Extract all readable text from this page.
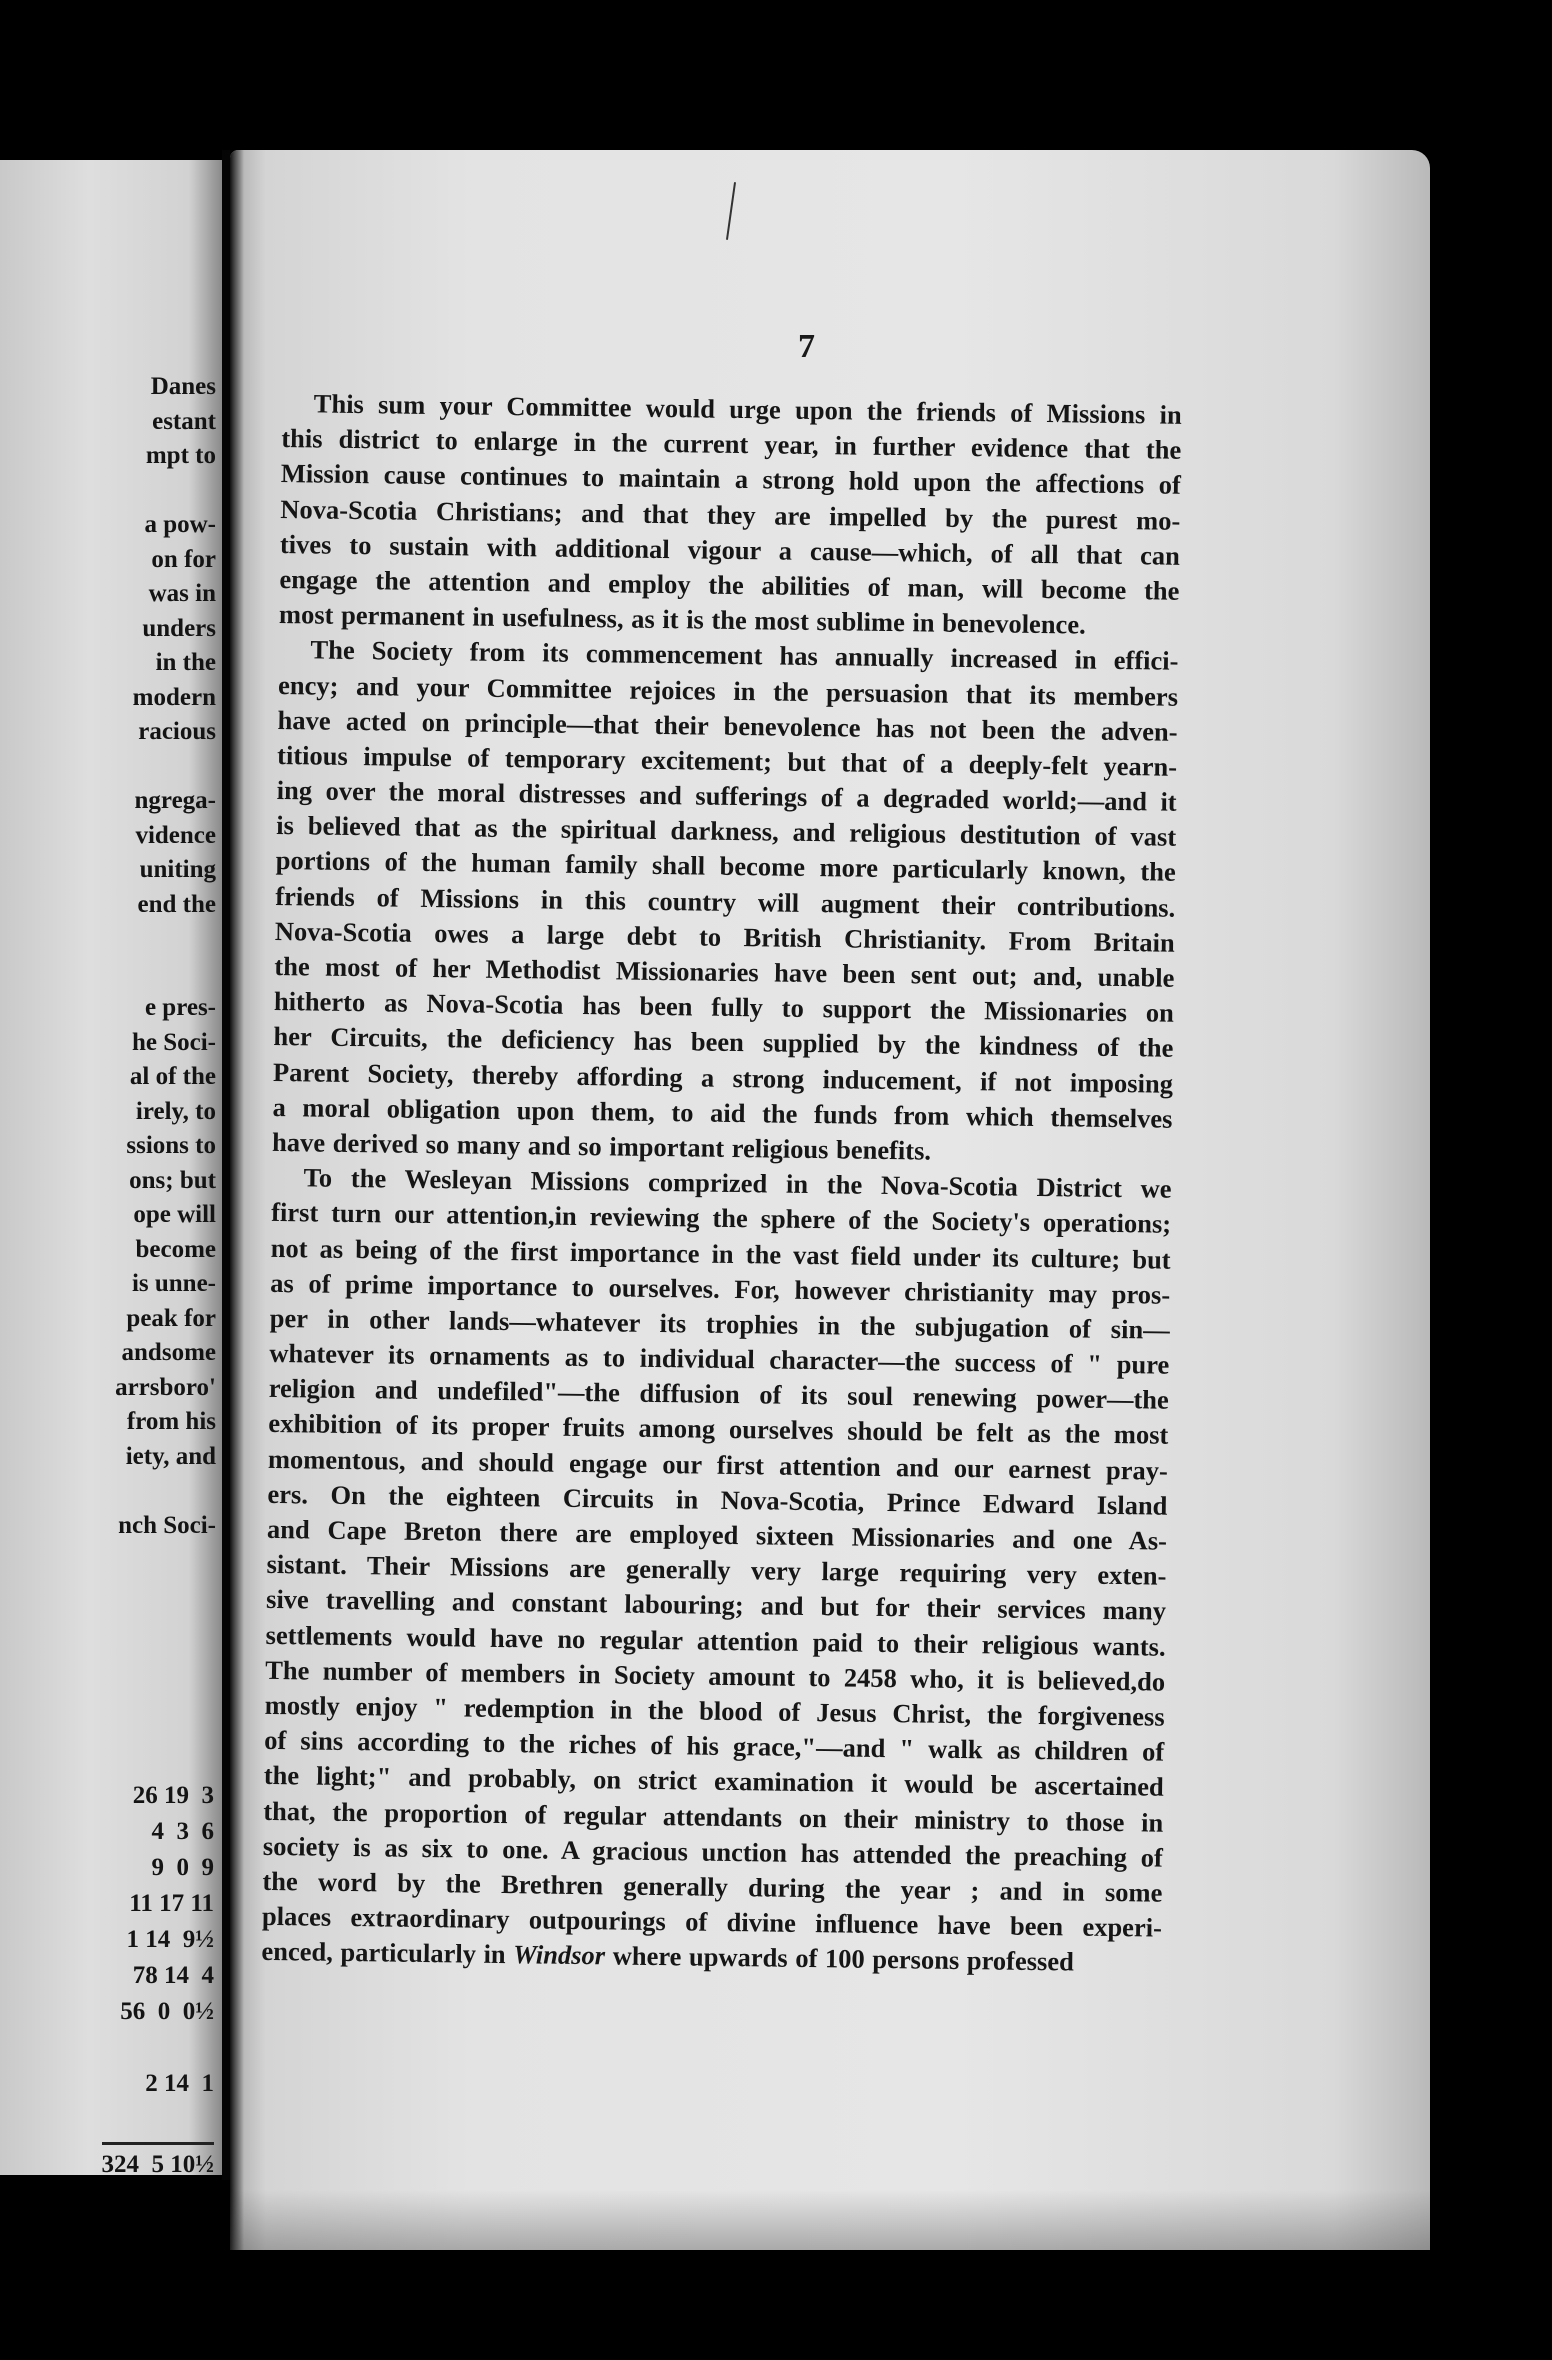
Danes
estant
mpt to

a pow-
on for
was in
unders
in the
modern
racious

ngrega-
vidence
uniting
end the

e pres-
he Soci-
al of the
irely, to
ssions to
ons; but
ope will
become
is unne-
peak for
andsome
arrsboro'
from his
iety, and

nch Soci-
26 19  3
4  3  6
9  0  9
11 17 11
1 14  9½
78 14  4
56  0  0½

2 14  1

324  5 10½
7
This sum your Committee would urge upon the friends of Missions in
this district to enlarge in the current year, in further evidence that the
Mission cause continues to maintain a strong hold upon the affections of
Nova-Scotia Christians; and that they are impelled by the purest mo-
tives to sustain with additional vigour a cause—which, of all that can
engage the attention and employ the abilities of man, will become the
most permanent in usefulness, as it is the most sublime in benevolence.
The Society from its commencement has annually increased in effici-
ency; and your Committee rejoices in the persuasion that its members
have acted on principle—that their benevolence has not been the adven-
titious impulse of temporary excitement; but that of a deeply-felt yearn-
ing over the moral distresses and sufferings of a degraded world;—and it
is believed that as the spiritual darkness, and religious destitution of vast
portions of the human family shall become more particularly known, the
friends of Missions in this country will augment their contributions.
Nova-Scotia owes a large debt to British Christianity. From Britain
the most of her Methodist Missionaries have been sent out; and, unable
hitherto as Nova-Scotia has been fully to support the Missionaries on
her Circuits, the deficiency has been supplied by the kindness of the
Parent Society, thereby affording a strong inducement, if not imposing
a moral obligation upon them, to aid the funds from which themselves
have derived so many and so important religious benefits.
To the Wesleyan Missions comprized in the Nova-Scotia District we
first turn our attention,in reviewing the sphere of the Society's operations;
not as being of the first importance in the vast field under its culture; but
as of prime importance to ourselves. For, however christianity may pros-
per in other lands—whatever its trophies in the subjugation of sin—
whatever its ornaments as to individual character—the success of " pure
religion and undefiled"—the diffusion of its soul renewing power—the
exhibition of its proper fruits among ourselves should be felt as the most
momentous, and should engage our first attention and our earnest pray-
ers. On the eighteen Circuits in Nova-Scotia, Prince Edward Island
and Cape Breton there are employed sixteen Missionaries and one As-
sistant. Their Missions are generally very large requiring very exten-
sive travelling and constant labouring; and but for their services many
settlements would have no regular attention paid to their religious wants.
The number of members in Society amount to 2458 who, it is believed,do
mostly enjoy " redemption in the blood of Jesus Christ, the forgiveness
of sins according to the riches of his grace,"—and " walk as children of
the light;" and probably, on strict examination it would be ascertained
that, the proportion of regular attendants on their ministry to those in
society is as six to one. A gracious unction has attended the preaching of
the word by the Brethren generally during the year ; and in some
places extraordinary outpourings of divine influence have been experi-
enced, particularly in Windsor where upwards of 100 persons professed
